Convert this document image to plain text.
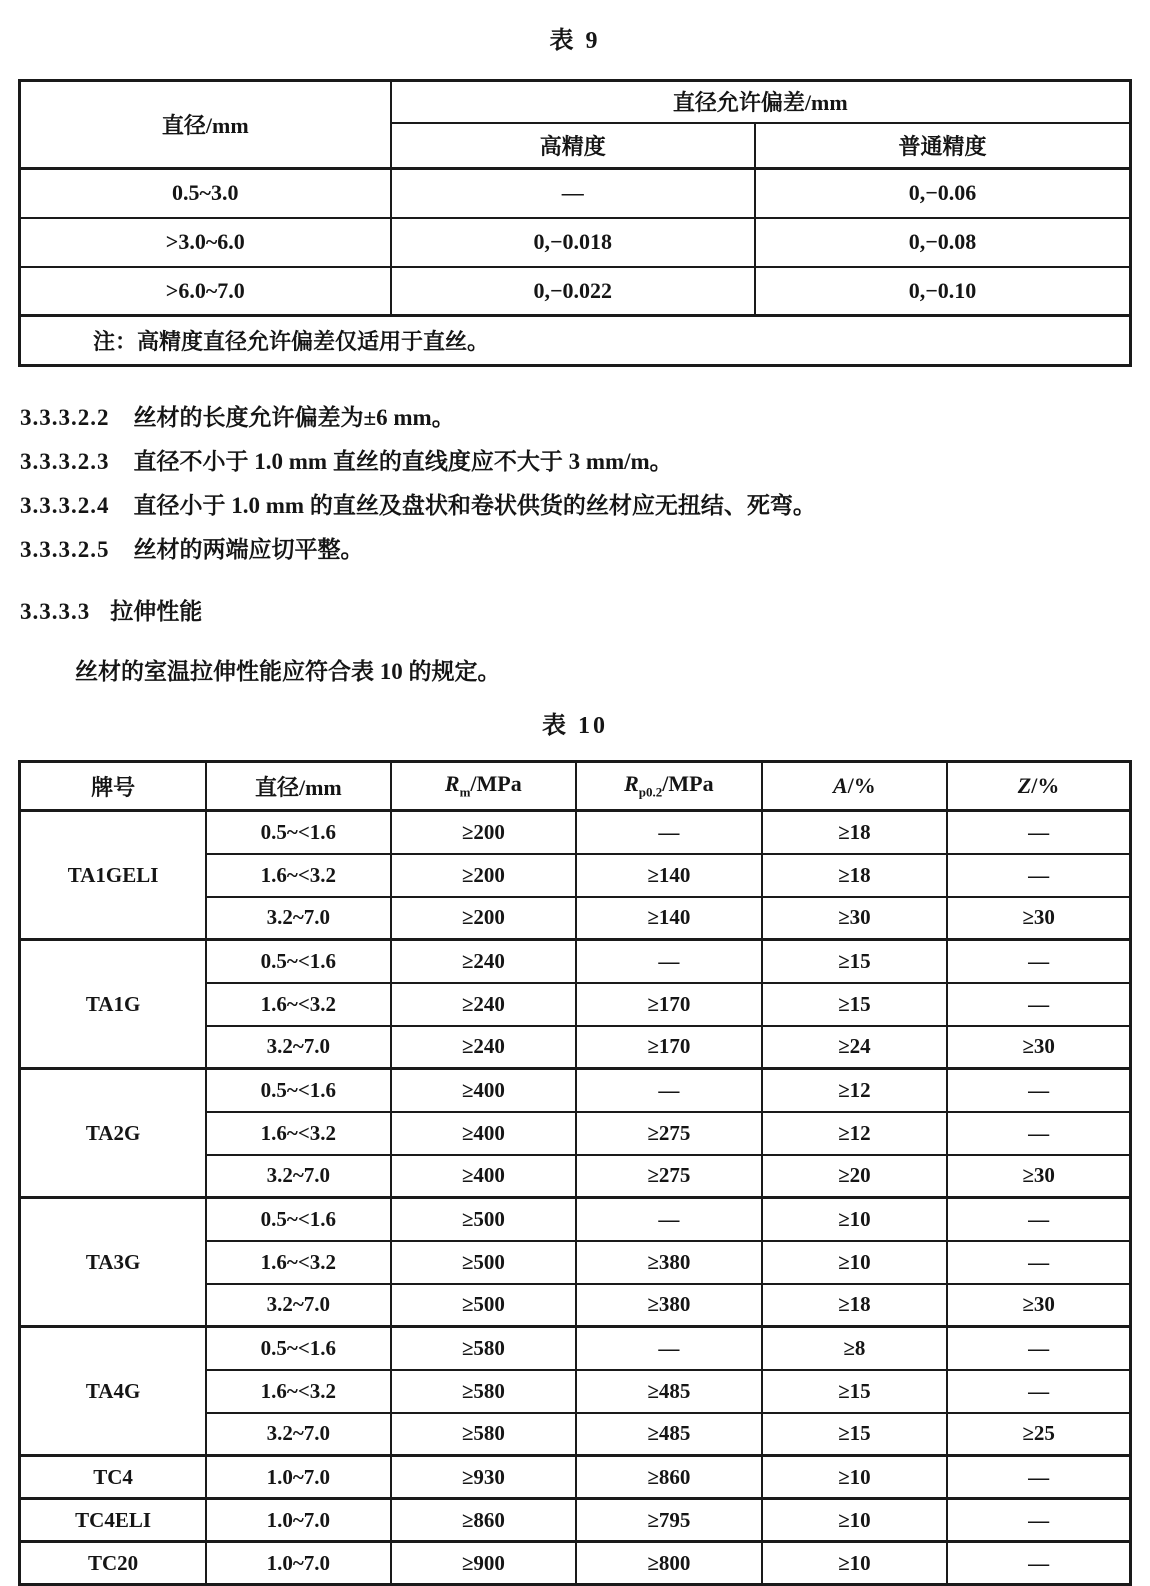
表 9
直径/mm	直径允许偏差/mm	
	高精度	普通精度
0.5~3.0	—	0,−0.06
>3.0~6.0	0,−0.018	0,−0.08
>6.0~7.0	0,−0.022	0,−0.10
注：高精度直径允许偏差仅适用于直丝。		
3.3.3.2.2 丝材的长度允许偏差为±6 mm。
3.3.3.2.3 直径不小于 1.0 mm 直丝的直线度应不大于 3 mm/m。
3.3.3.2.4 直径小于 1.0 mm 的直丝及盘状和卷状供货的丝材应无扭结、死弯。
3.3.3.2.5 丝材的两端应切平整。
3.3.3.3 拉伸性能
丝材的室温拉伸性能应符合表 10 的规定。
表 10
牌号	直径/mm	$R_m$/MPa	$R_{p0.2}$/MPa	A/%	Z/%
TA1GELI	0.5~<1.6	≥200	—	≥18	—
	1.6~<3.2	≥200	≥140	≥18	—
	3.2~7.0	≥200	≥140	≥30	≥30
TA1G	0.5~<1.6	≥240	—	≥15	—
	1.6~<3.2	≥240	≥170	≥15	—
	3.2~7.0	≥240	≥170	≥24	≥30
TA2G	0.5~<1.6	≥400	—	≥12	—
	1.6~<3.2	≥400	≥275	≥12	—
	3.2~7.0	≥400	≥275	≥20	≥30
TA3G	0.5~<1.6	≥500	—	≥10	—
	1.6~<3.2	≥500	≥380	≥10	—
	3.2~7.0	≥500	≥380	≥18	≥30
TA4G	0.5~<1.6	≥580	—	≥8	—
	1.6~<3.2	≥580	≥485	≥15	—
	3.2~7.0	≥580	≥485	≥15	≥25
TC4	1.0~7.0	≥930	≥860	≥10	—
TC4ELI	1.0~7.0	≥860	≥795	≥10	—
TC20	1.0~7.0	≥900	≥800	≥10	—
